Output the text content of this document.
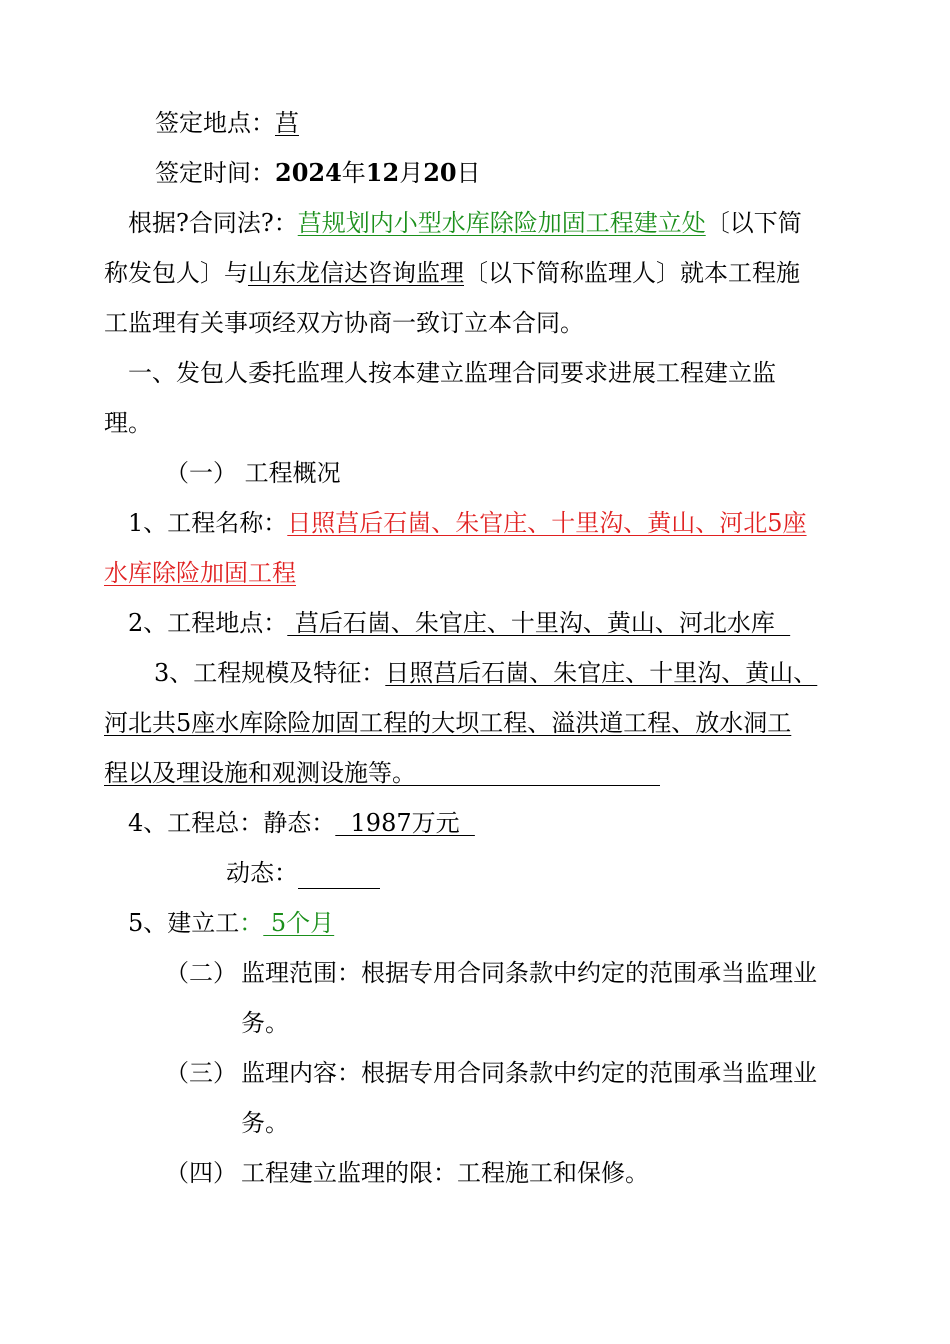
签定地点：莒
签定时间：2024年12月20日
根据?合同法?：莒规划内小型水库除险加固工程建立处〔以下简
称发包人〕与山东龙信达咨询监理〔以下简称监理人〕就本工程施
工监理有关事项经双方协商一致订立本合同。
一、发包人委托监理人按本建立监理合同要求进展工程建立监
理。
（一） 工程概况
1、工程名称：日照莒后石崮、朱官庄、十里沟、黄山、河北5座
水库除险加固工程
2、工程地点： 莒后石崮、朱官庄、十里沟、黄山、河北水库
3、工程规模及特征：日照莒后石崮、朱官庄、十里沟、黄山、
河北共5座水库除险加固工程的大坝工程、溢洪道工程、放水洞工
程以及理设施和观测设施等。
4、工程总：静态：  1987万元
动态：
5、建立工： 5个月
（二） 监理范围：根据专用合同条款中约定的范围承当监理业
务。
（三） 监理内容：根据专用合同条款中约定的范围承当监理业
务。
（四） 工程建立监理的限：工程施工和保修。
